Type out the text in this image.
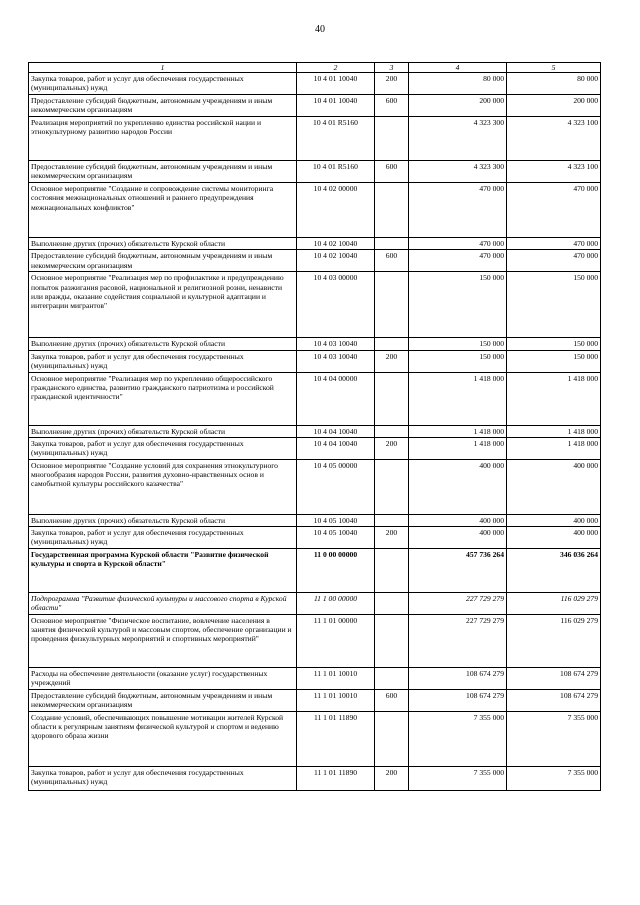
40
1	2	3	4	5
Закупка товаров, работ и услуг для обеспечения государственных (муниципальных) нужд	10 4 01 10040	200	80 000	80 000
Предоставление субсидий бюджетным, автономным учреждениям и иным некоммерческим организациям	10 4 01 10040	600	200 000	200 000
Реализация мероприятий по укреплению единства российской нации и этнокультурному развитию народов России	10 4 01 R5160		4 323 300	4 323 100
Предоставление субсидий бюджетным, автономным учреждениям и иным некоммерческим организациям	10 4 01 R5160	600	4 323 300	4 323 100
Основное мероприятие "Создание и сопровождение системы мониторинга состояния межнациональных отношений и раннего предупреждения межнациональных конфликтов"	10 4 02 00000		470 000	470 000
Выполнение других (прочих) обязательств Курской области	10 4 02 10040		470 000	470 000
Предоставление субсидий бюджетным, автономным учреждениям и иным некоммерческим организациям	10 4 02 10040	600	470 000	470 000
Основное мероприятие "Реализация мер по профилактике и предупреждению попыток разжигания расовой, национальной и религиозной розни, ненависти или вражды, оказание содействия социальной и культурной адаптации и интеграции мигрантов"	10 4 03 00000		150 000	150 000
Выполнение других (прочих) обязательств Курской области	10 4 03 10040		150 000	150 000
Закупка товаров, работ и услуг для обеспечения государственных (муниципальных) нужд	10 4 03 10040	200	150 000	150 000
Основное мероприятие "Реализация мер по укреплению общероссийского гражданского единства, развитию гражданского патриотизма и российской гражданской идентичности"	10 4 04 00000		1 418 000	1 418 000
Выполнение других (прочих) обязательств Курской области	10 4 04 10040		1 418 000	1 418 000
Закупка товаров, работ и услуг для обеспечения государственных (муниципальных) нужд	10 4 04 10040	200	1 418 000	1 418 000
Основное мероприятие "Создание условий для сохранения этнокультурного многообразия народов России, развития духовно-нравственных основ и самобытной культуры российского казачества"	10 4 05 00000		400 000	400 000
Выполнение других (прочих) обязательств Курской области	10 4 05 10040		400 000	400 000
Закупка товаров, работ и услуг для обеспечения государственных (муниципальных) нужд	10 4 05 10040	200	400 000	400 000
Государственная программа Курской области "Развитие физической культуры и спорта в Курской области"	11 0 00 00000		457 736 264	346 036 264
Подпрограмма "Развитие физической культуры и массового спорта в Курской области"	11 1 00 00000		227 729 279	116 029 279
Основное мероприятие "Физическое воспитание, вовлечение населения в занятия физической культурой и массовым спортом, обеспечение организации и проведения физкультурных мероприятий и спортивных мероприятий"	11 1 01 00000		227 729 279	116 029 279
Расходы на обеспечение деятельности (оказание услуг) государственных учреждений	11 1 01 10010		108 674 279	108 674 279
Предоставление субсидий бюджетным, автономным учреждениям и иным некоммерческим организациям	11 1 01 10010	600	108 674 279	108 674 279
Создание условий, обеспечивающих повышение мотивации жителей Курской области к регулярным занятиям физической культурой и спортом и ведению здорового образа жизни	11 1 01 11890		7 355 000	7 355 000
Закупка товаров, работ и услуг для обеспечения государственных (муниципальных) нужд	11 1 01 11890	200	7 355 000	7 355 000
